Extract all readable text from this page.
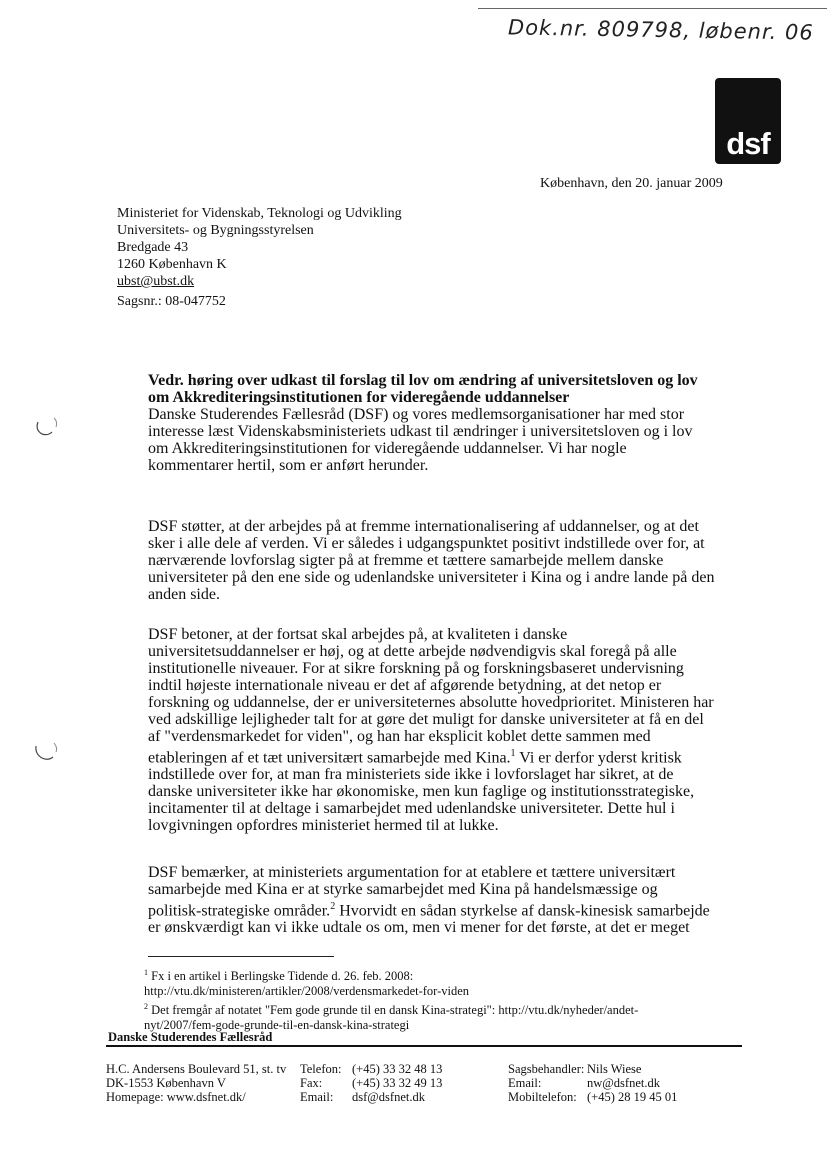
Dok.nr. 809798, løbenr. 06
dsf
København, den 20. januar 2009
Ministeriet for Videnskab, Teknologi og Udvikling
Universitets- og Bygningsstyrelsen
Bredgade 43
1260 København K
ubst@ubst.dk
Sagsnr.: 08-047752
Vedr. høring over udkast til forslag til lov om ændring af universitetsloven og lov
om Akkrediteringsinstitutionen for videregående uddannelser
Danske Studerendes Fællesråd (DSF) og vores medlemsorganisationer har med stor
interesse læst Videnskabsministeriets udkast til ændringer i universitetsloven og i lov
om Akkrediteringsinstitutionen for videregående uddannelser. Vi har nogle
kommentarer hertil, som er anført herunder.
DSF støtter, at der arbejdes på at fremme internationalisering af uddannelser, og at det
sker i alle dele af verden. Vi er således i udgangspunktet positivt indstillede over for, at
nærværende lovforslag sigter på at fremme et tættere samarbejde mellem danske
universiteter på den ene side og udenlandske universiteter i Kina og i andre lande på den
anden side.
DSF betoner, at der fortsat skal arbejdes på, at kvaliteten i danske
universitetsuddannelser er høj, og at dette arbejde nødvendigvis skal foregå på alle
institutionelle niveauer. For at sikre forskning på og forskningsbaseret undervisning
indtil højeste internationale niveau er det af afgørende betydning, at det netop er
forskning og uddannelse, der er universiteternes absolutte hovedprioritet. Ministeren har
ved adskillige lejligheder talt for at gøre det muligt for danske universiteter at få en del
af "verdensmarkedet for viden", og han har eksplicit koblet dette sammen med
etableringen af et tæt universitært samarbejde med Kina.$^1$ Vi er derfor yderst kritisk
indstillede over for, at man fra ministeriets side ikke i lovforslaget har sikret, at de
danske universiteter ikke har økonomiske, men kun faglige og institutionsstrategiske,
incitamenter til at deltage i samarbejdet med udenlandske universiteter. Dette hul i
lovgivningen opfordres ministeriet hermed til at lukke.
DSF bemærker, at ministeriets argumentation for at etablere et tættere universitært
samarbejde med Kina er at styrke samarbejdet med Kina på handelsmæssige og
politisk-strategiske områder.$^2$ Hvorvidt en sådan styrkelse af dansk-kinesisk samarbejde
er ønskværdigt kan vi ikke udtale os om, men vi mener for det første, at det er meget
$^1$ Fx i en artikel i Berlingske Tidende d. 26. feb. 2008:
http://vtu.dk/ministeren/artikler/2008/verdensmarkedet-for-viden
$^2$ Det fremgår af notatet "Fem gode grunde til en dansk Kina-strategi": http://vtu.dk/nyheder/andet-
nyt/2007/fem-gode-grunde-til-en-dansk-kina-strategi
Danske Studerendes Fællesråd
H.C. Andersens Boulevard 51, st. tv
DK-1553 København V
Homepage: www.dsfnet.dk/
Telefon:
Fax:
Email:
(+45) 33 32 48 13
(+45) 33 32 49 13
dsf@dsfnet.dk
Sagsbehandler:
Email:
Mobiltelefon:
Nils Wiese
nw@dsfnet.dk
(+45) 28 19 45 01
